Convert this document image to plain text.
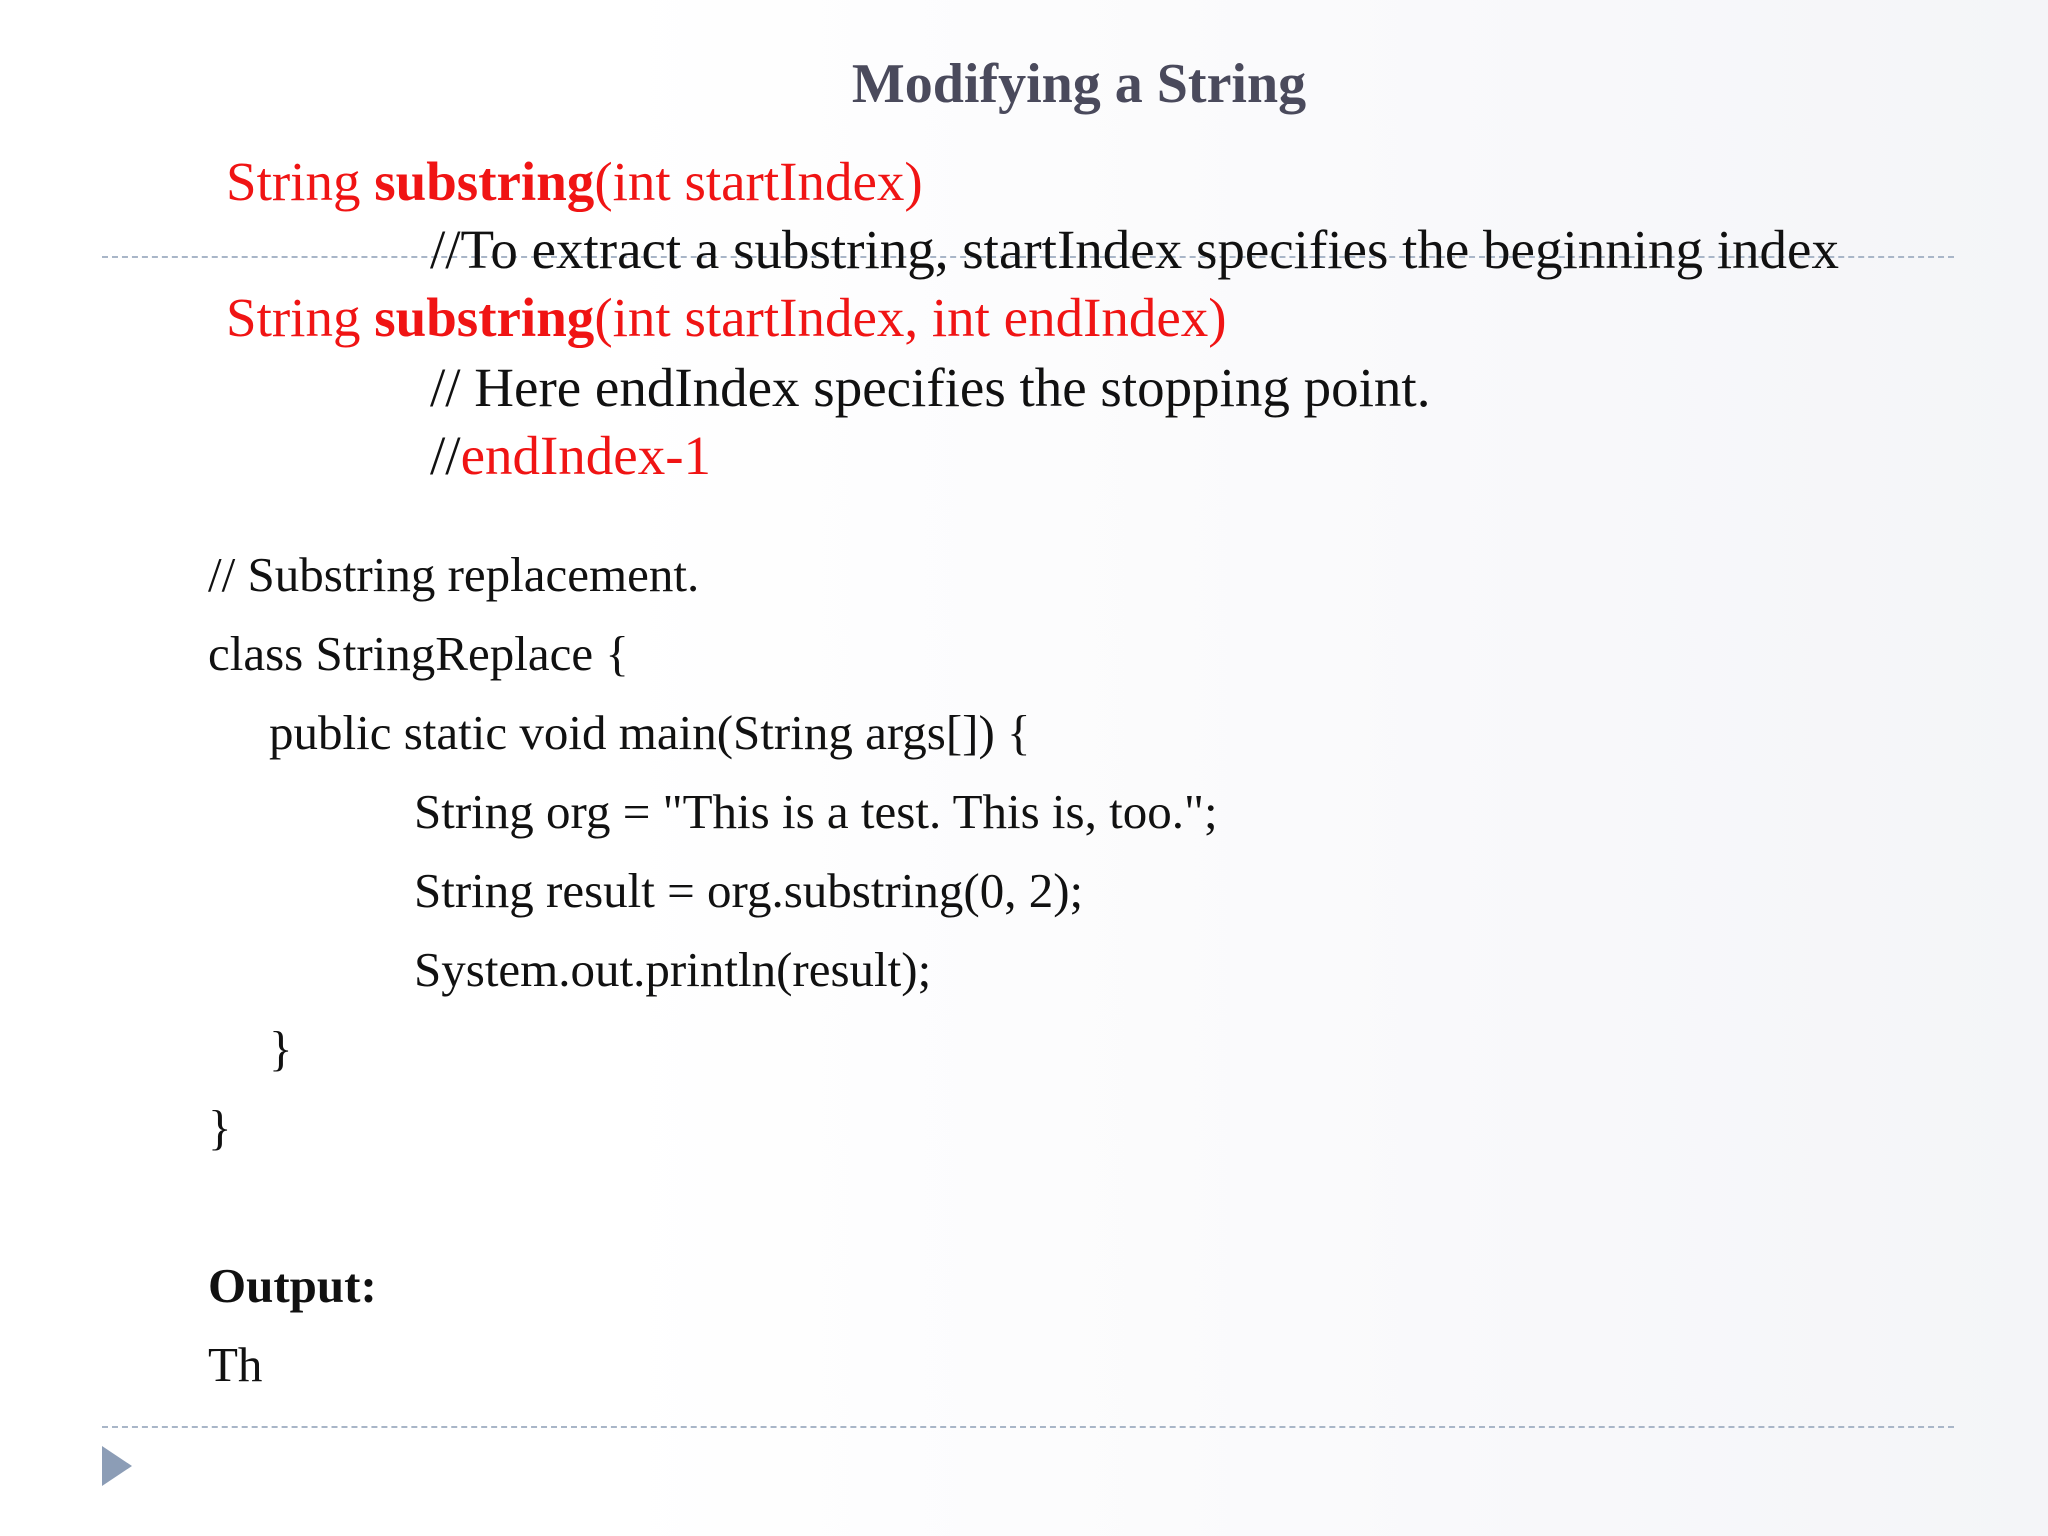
Modifying a String
String substring(int startIndex)
//To extract a substring, startIndex specifies the beginning index
String substring(int startIndex, int endIndex)
// Here endIndex specifies the stopping point.
//endIndex-1
// Substring replacement.
class StringReplace {
public static void main(String args[]) {
String org = "This is a test. This is, too.";
String result = org.substring(0, 2);
System.out.println(result);
}
}
Output:
Th
